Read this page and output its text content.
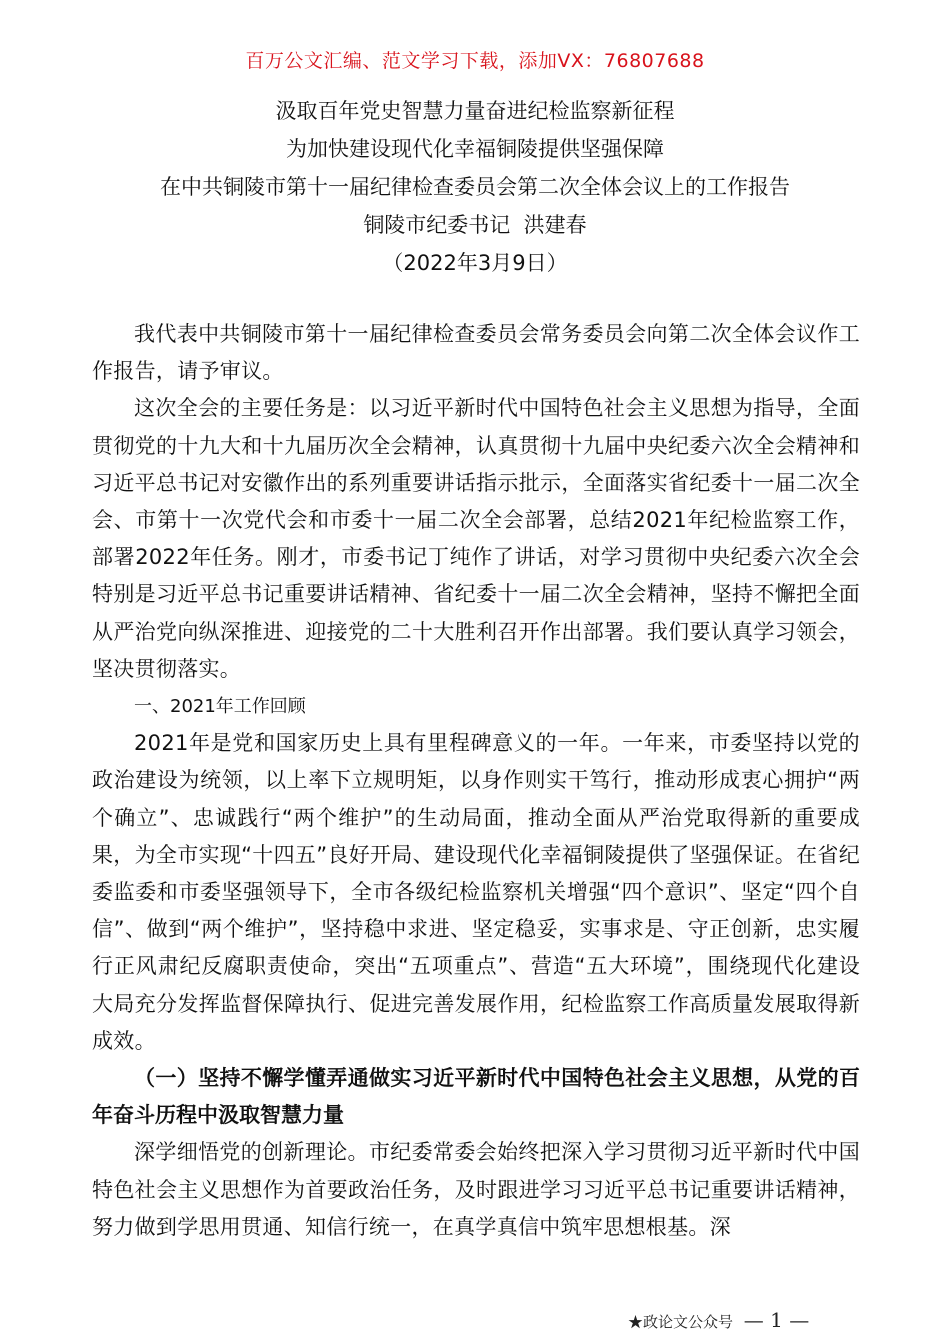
百万公文汇编、范文学习下载，添加VX：76807688
汲取百年党史智慧力量奋进纪检监察新征程
为加快建设现代化幸福铜陵提供坚强保障
在中共铜陵市第十一届纪律检查委员会第二次全体会议上的工作报告
铜陵市纪委书记  洪建春
（2022年3月9日）

我代表中共铜陵市第十一届纪律检查委员会常务委员会向第二次全体会议作工作报告，请予审议。

这次全会的主要任务是：以习近平新时代中国特色社会主义思想为指导，全面贯彻党的十九大和十九届历次全会精神，认真贯彻十九届中央纪委六次全会精神和习近平总书记对安徽作出的系列重要讲话指示批示，全面落实省纪委十一届二次全会、市第十一次党代会和市委十一届二次全会部署，总结2021年纪检监察工作，部署2022年任务。刚才，市委书记丁纯作了讲话，对学习贯彻中央纪委六次全会特别是习近平总书记重要讲话精神、省纪委十一届二次全会精神，坚持不懈把全面从严治党向纵深推进、迎接党的二十大胜利召开作出部署。我们要认真学习领会，坚决贯彻落实。

一、2021年工作回顾

2021年是党和国家历史上具有里程碑意义的一年。一年来，市委坚持以党的政治建设为统领，以上率下立规明矩，以身作则实干笃行，推动形成衷心拥护“两个确立”、忠诚践行“两个维护”的生动局面，推动全面从严治党取得新的重要成果，为全市实现“十四五”良好开局、建设现代化幸福铜陵提供了坚强保证。在省纪委监委和市委坚强领导下，全市各级纪检监察机关增强“四个意识”、坚定“四个自信”、做到“两个维护”，坚持稳中求进、坚定稳妥，实事求是、守正创新，忠实履行正风肃纪反腐职责使命，突出“五项重点”、营造“五大环境”，围绕现代化建设大局充分发挥监督保障执行、促进完善发展作用，纪检监察工作高质量发展取得新成效。

（一）坚持不懈学懂弄通做实习近平新时代中国特色社会主义思想，从党的百年奋斗历程中汲取智慧力量

深学细悟党的创新理论。市纪委常委会始终把深入学习贯彻习近平新时代中国特色社会主义思想作为首要政治任务，及时跟进学习习近平总书记重要讲话精神，努力做到学思用贯通、知信行统一，在真学真信中筑牢思想根基。深

★政论文公众号 — 1 —
